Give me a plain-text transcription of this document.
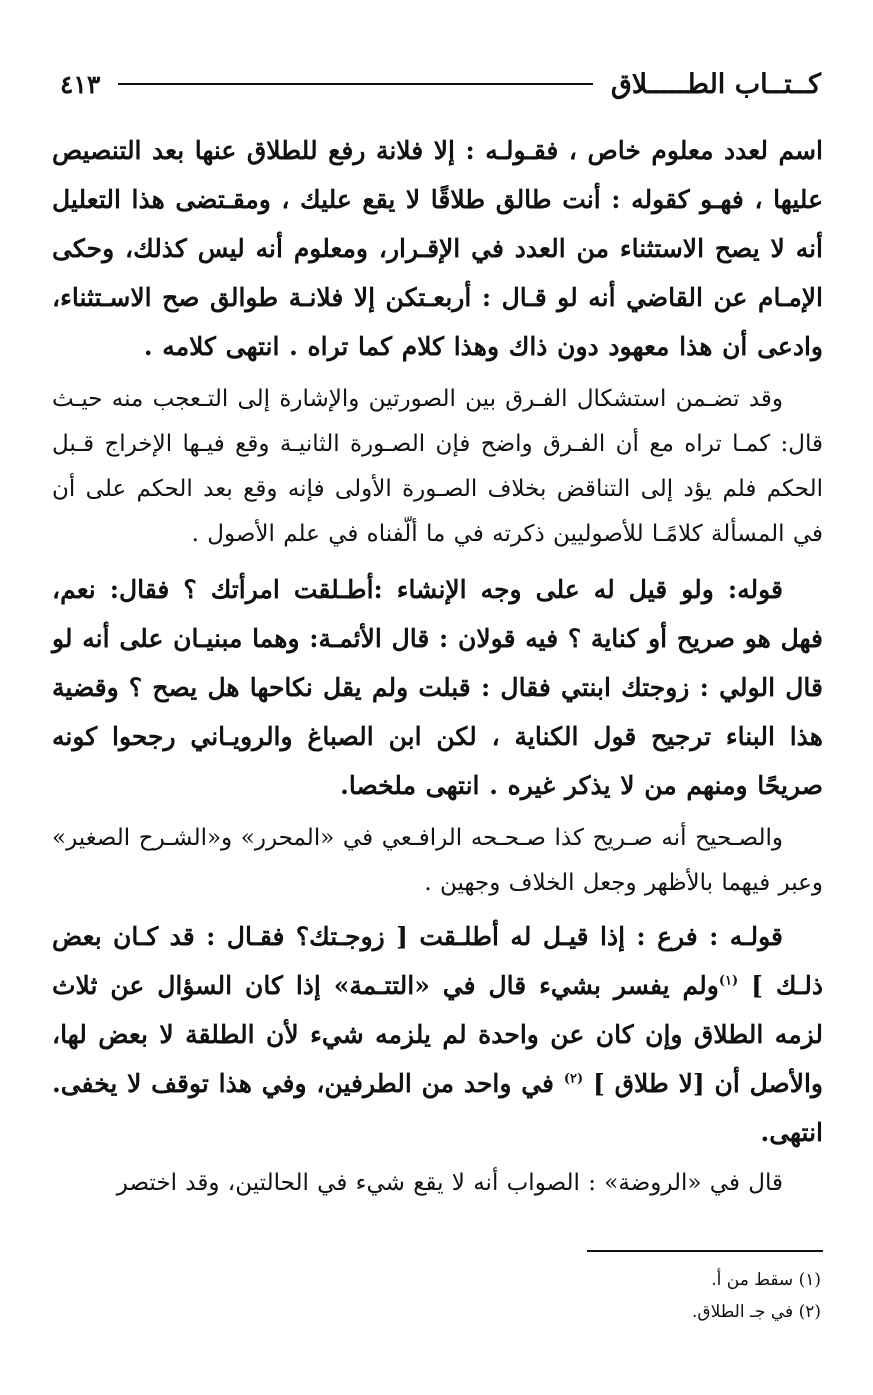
كــتــاب الطـــــلاق
٤١٣

اسم لعدد معلوم خاص ، فقـولـه : إلا فلانة رفع للطلاق عنها بعد التنصيص عليها ، فهـو كقوله : أنت طالق طلاقًا لا يقع عليك ، ومقـتضى هذا التعليل أنه لا يصح الاستثناء من العدد في الإقـرار، ومعلوم أنه ليس كذلك، وحكى الإمـام عن القاضي أنه لو قـال : أربعـتكن إلا فلانـة طوالق صح الاسـتثناء، وادعى أن هذا معهود دون ذاك وهذا كلام كما تراه . انتهى كلامه .

وقد تضـمن استشكال الفـرق بين الصورتين والإشارة إلى التـعجب منه حيـث قال: كمـا تراه مع أن الفـرق واضح فإن الصـورة الثانيـة وقع فيـها الإخراج قـبل الحكم فلم يؤد إلى التناقض بخلاف الصـورة الأولى فإنه وقع بعد الحكم على أن في المسألة كلامًـا للأصوليين ذكرته في ما ألّفناه في علم الأصول .

قوله: ولو قيل له على وجه الإنشاء :أطـلقت امرأتك ؟ فقال: نعم، فهل هو صريح أو كناية ؟ فيه قولان : قال الأئمـة: وهما مبنيـان على أنه لو قال الولي : زوجتك ابنتي فقال : قبلت ولم يقل نكاحها هل يصح ؟ وقضية هذا البناء ترجيح قول الكناية ، لكن ابن الصباغ والرويـاني رجحوا كونه صريحًا ومنهم من لا يذكر غيره . انتهى ملخصا.

والصـحيح أنه صـريح كذا صـحـحه الرافـعي في «المحرر» و«الشـرح الصغير» وعبر فيهما بالأظهر وجعل الخلاف وجهين .

قولـه : فرع : إذا قيـل له أطلـقت [ زوجـتك؟ فقـال : قد كـان بعض ذلـك ] $^{(١)}$ولم يفسر بشيء قال في «التتـمة» إذا كان السؤال عن ثلاث لزمه الطلاق وإن كان عن واحدة لم يلزمه شيء لأن الطلقة لا بعض لها، والأصل أن [لا طلاق ] $^{(٢)}$ في واحد من الطرفين، وفي هذا توقف لا يخفى. انتهى.

قال في «الروضة» : الصواب أنه لا يقع شيء في الحالتين، وقد اختصر

(١) سقط من أ.

(٢) في جـ الطلاق.
